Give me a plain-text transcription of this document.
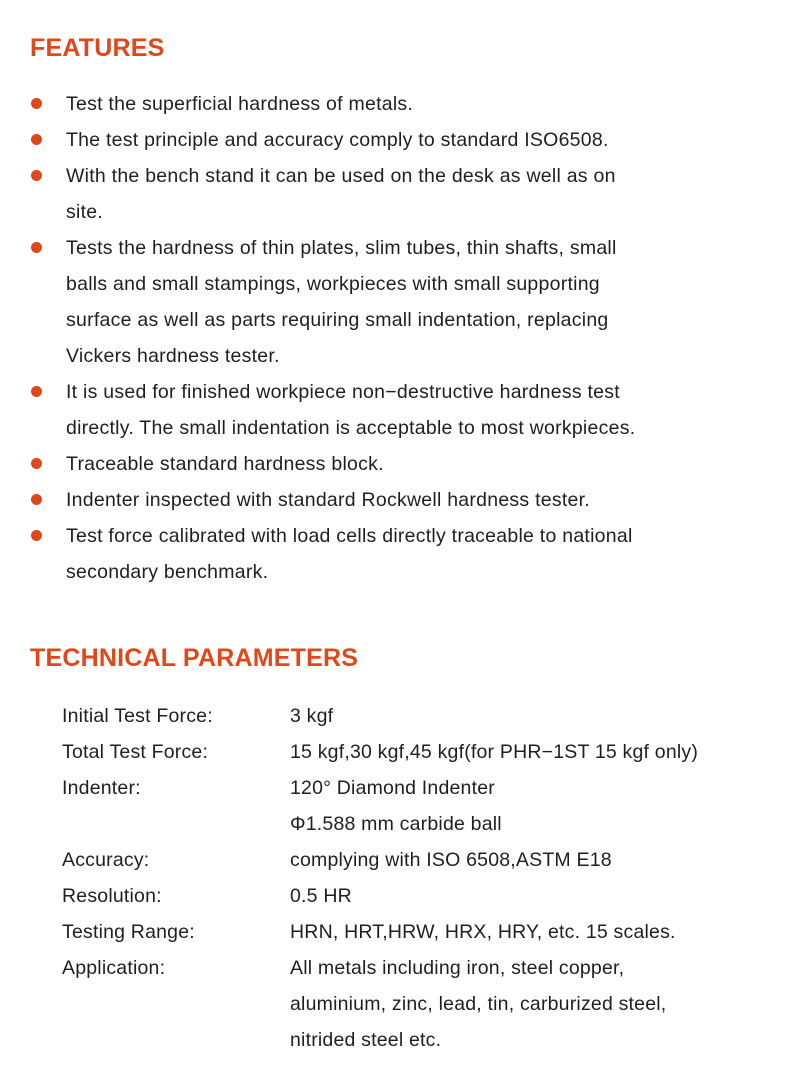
FEATURES
Test the superficial hardness of metals.
The test principle and accuracy comply to standard ISO6508.
With the bench stand it can be used on the desk as well as on
site.
Tests the hardness of thin plates, slim tubes, thin shafts, small
balls and small stampings, workpieces with small supporting
surface as well as parts requiring small indentation, replacing
Vickers hardness tester.
It is used for finished workpiece non−destructive hardness test
directly. The small indentation is acceptable to most workpieces.
Traceable standard hardness block.
Indenter inspected with standard Rockwell hardness tester.
Test force calibrated with load cells directly traceable to national
secondary benchmark.
TECHNICAL PARAMETERS
Initial Test Force:	3 kgf
Total Test Force:	15 kgf,30 kgf,45 kgf(for PHR−1ST 15 kgf only)
Indenter:	120° Diamond Indenter
Φ1.588 mm carbide ball
Accuracy:	complying with ISO 6508,ASTM E18
Resolution:	0.5 HR
Testing Range:	HRN, HRT,HRW, HRX, HRY, etc. 15 scales.
Application:	All metals including iron, steel copper,
aluminium, zinc, lead, tin, carburized steel,
nitrided steel etc.
